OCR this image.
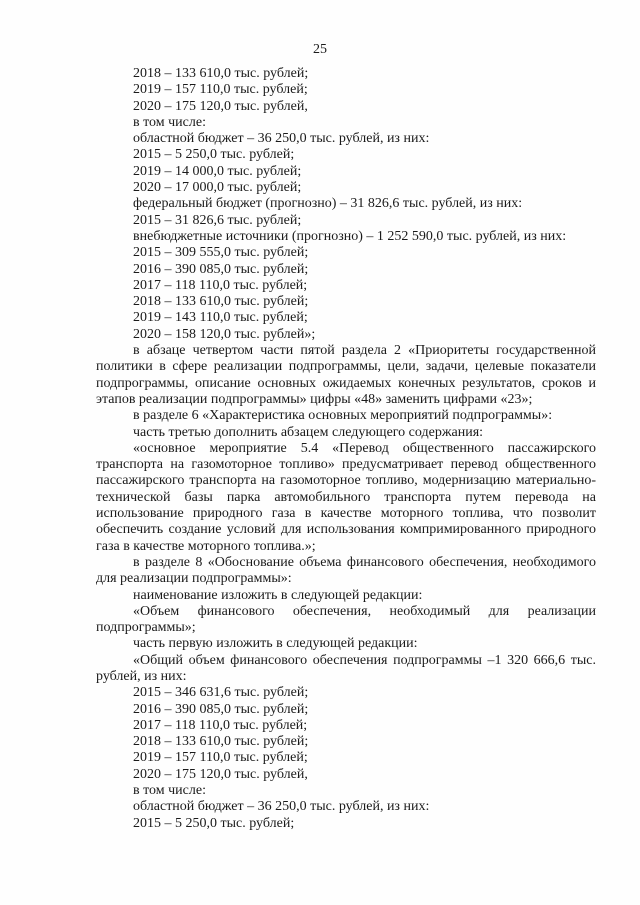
25
2018 – 133 610,0 тыс. рублей;
2019 – 157 110,0 тыс. рублей;
2020 – 175 120,0 тыс. рублей,
в том числе:
областной бюджет – 36 250,0 тыс. рублей, из них:
2015 – 5 250,0 тыс. рублей;
2019 – 14 000,0 тыс. рублей;
2020 – 17 000,0 тыс. рублей;
федеральный бюджет (прогнозно) – 31 826,6 тыс. рублей, из них:
2015 – 31 826,6 тыс. рублей;
внебюджетные источники (прогнозно) – 1 252 590,0 тыс. рублей, из них:
2015 – 309 555,0 тыс. рублей;
2016 – 390 085,0 тыс. рублей;
2017 – 118 110,0 тыс. рублей;
2018 – 133 610,0 тыс. рублей;
2019 – 143 110,0 тыс. рублей;
2020 – 158 120,0 тыс. рублей»;
в абзаце четвертом части пятой раздела 2 «Приоритеты государственной политики в сфере реализации подпрограммы, цели, задачи, целевые показатели подпрограммы, описание основных ожидаемых конечных результатов, сроков и этапов реализации подпрограммы» цифры «48» заменить цифрами «23»;
в разделе 6 «Характеристика основных мероприятий подпрограммы»:
часть третью дополнить абзацем следующего содержания:
«основное мероприятие 5.4 «Перевод общественного пассажирского транспорта на газомоторное топливо» предусматривает перевод общественного пассажирского транспорта на газомоторное топливо, модернизацию материально-технической базы парка автомобильного транспорта путем перевода на использование природного газа в качестве моторного топлива, что позволит обеспечить создание условий для использования компримированного природного газа в качестве моторного топлива.»;
в разделе 8 «Обоснование объема финансового обеспечения, необходимого для реализации подпрограммы»:
наименование изложить в следующей редакции:
«Объем финансового обеспечения, необходимый для реализации подпрограммы»;
часть первую изложить в следующей редакции:
«Общий объем финансового обеспечения подпрограммы –1 320 666,6 тыс. рублей, из них:
2015 – 346 631,6 тыс. рублей;
2016 – 390 085,0 тыс. рублей;
2017 – 118 110,0 тыс. рублей;
2018 – 133 610,0 тыс. рублей;
2019 – 157 110,0 тыс. рублей;
2020 – 175 120,0 тыс. рублей,
в том числе:
областной бюджет – 36 250,0 тыс. рублей, из них:
2015 – 5 250,0 тыс. рублей;
